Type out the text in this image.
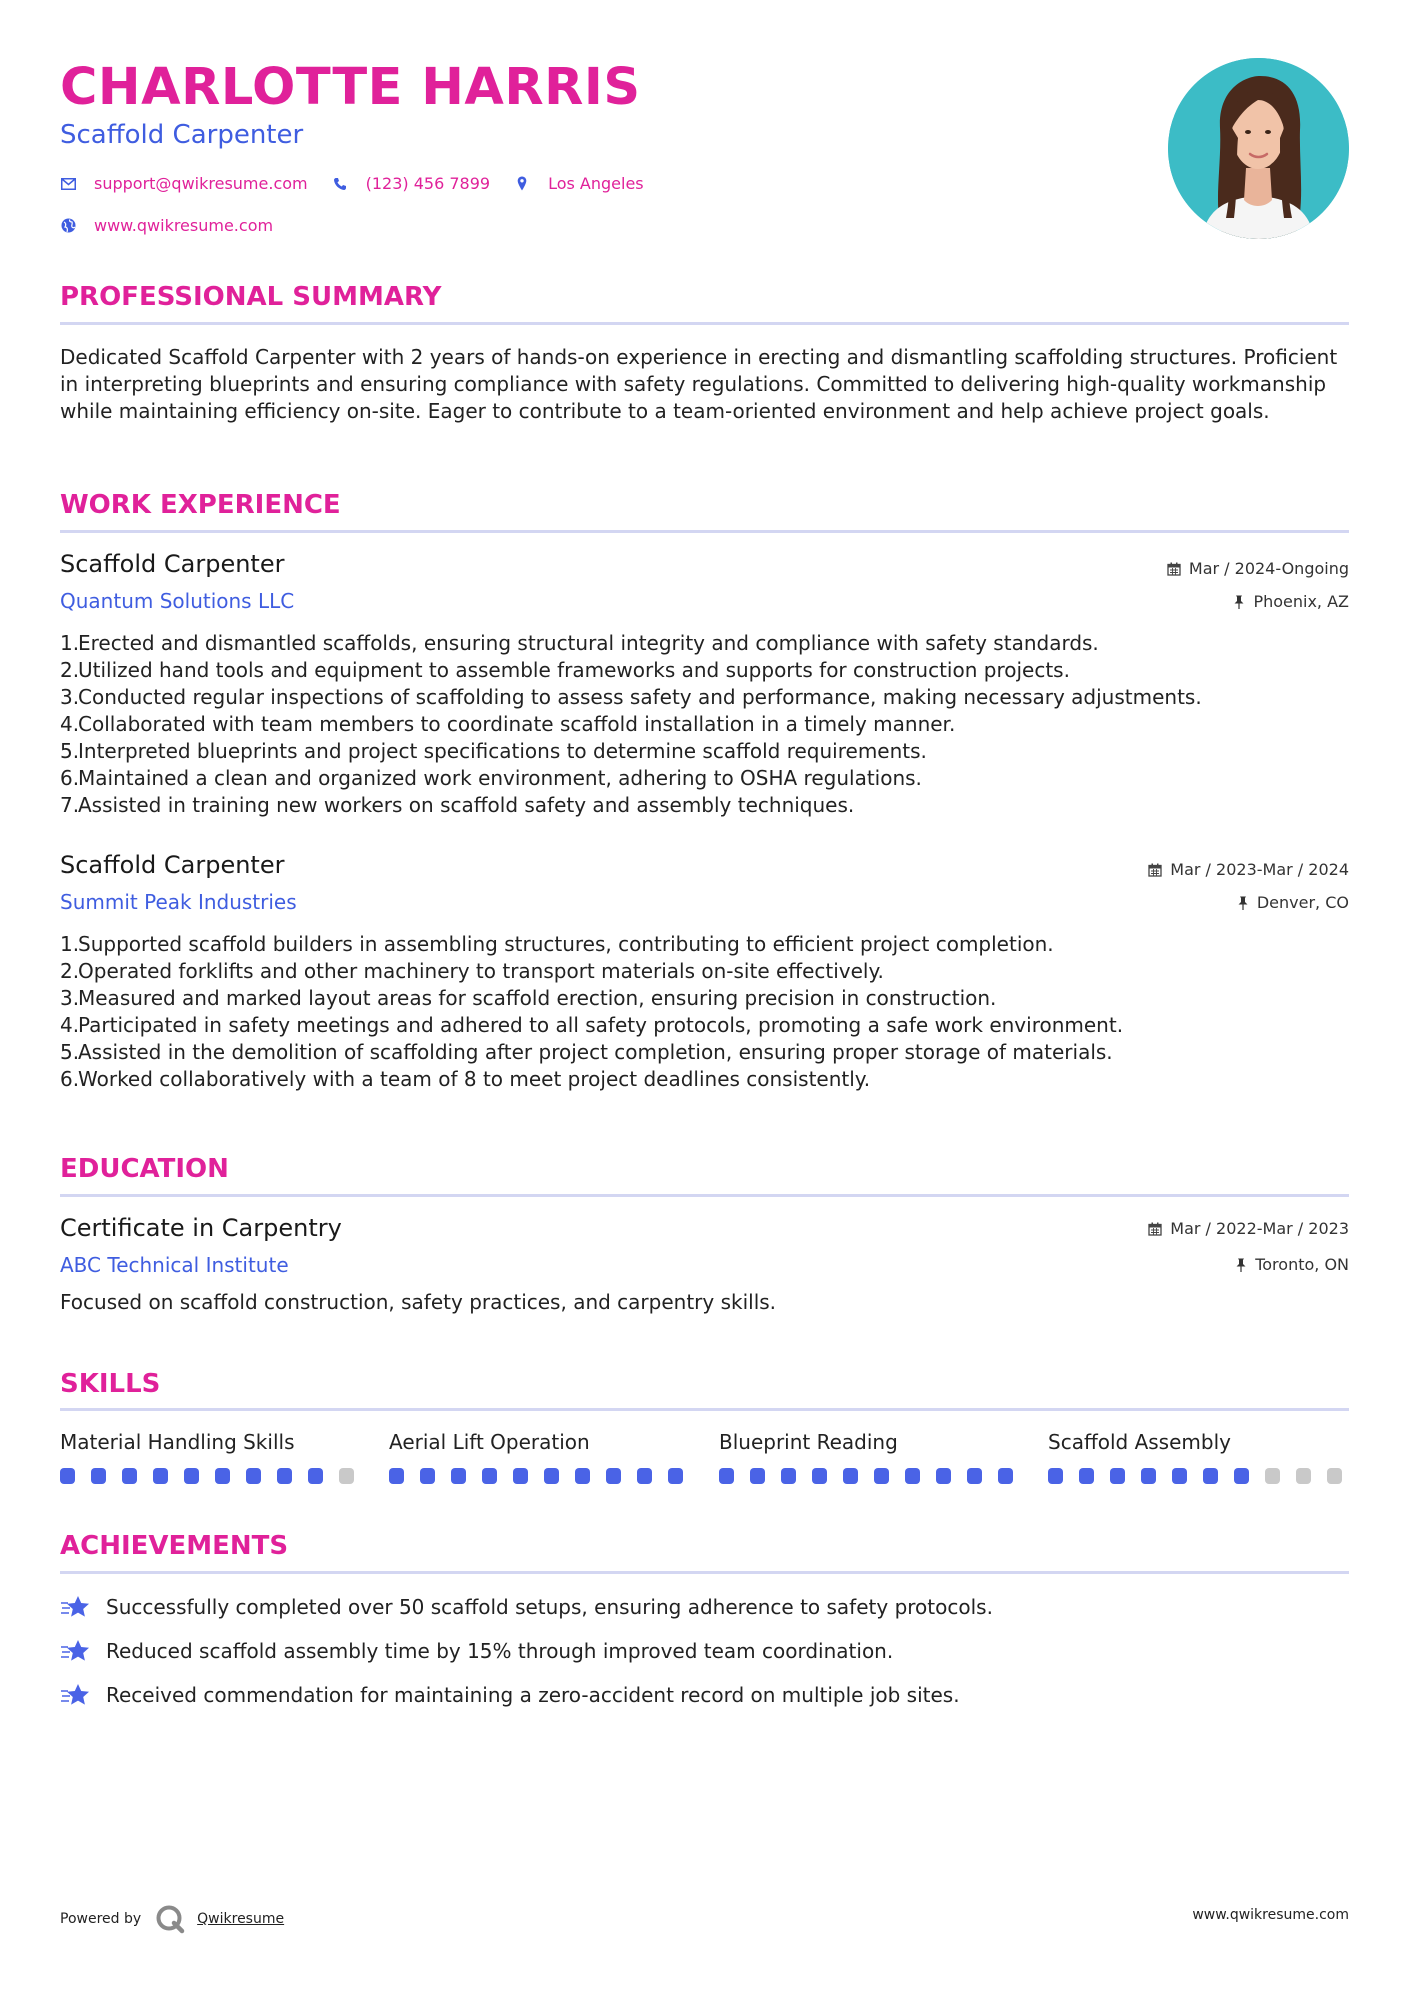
CHARLOTTE HARRIS
Scaffold Carpenter
support@qwikresume.com	(123) 456 7899	Los Angeles
www.qwikresume.com
PROFESSIONAL SUMMARY

Dedicated Scaffold Carpenter with 2 years of hands-on experience in erecting and dismantling scaffolding structures. Proficient in interpreting blueprints and ensuring compliance with safety regulations. Committed to delivering high-quality workmanship while maintaining efficiency on-site. Eager to contribute to a team-oriented environment and help achieve project goals.

WORK EXPERIENCE
Scaffold Carpenter
Quantum Solutions LLC
Mar / 2024-Ongoing
Phoenix, AZ
1.
Erected and dismantled scaffolds, ensuring structural integrity and compliance with safety standards.
2.
Utilized hand tools and equipment to assemble frameworks and supports for construction projects.
3.
Conducted regular inspections of scaffolding to assess safety and performance, making necessary adjustments.
4.
Collaborated with team members to coordinate scaffold installation in a timely manner.
5.
Interpreted blueprints and project specifications to determine scaffold requirements.
6.
Maintained a clean and organized work environment, adhering to OSHA regulations.
7.
Assisted in training new workers on scaffold safety and assembly techniques.
Scaffold Carpenter
Summit Peak Industries
Mar / 2023-Mar / 2024
Denver, CO
1.
Supported scaffold builders in assembling structures, contributing to efficient project completion.
2.
Operated forklifts and other machinery to transport materials on-site effectively.
3.
Measured and marked layout areas for scaffold erection, ensuring precision in construction.
4.
Participated in safety meetings and adhered to all safety protocols, promoting a safe work environment.
5.
Assisted in the demolition of scaffolding after project completion, ensuring proper storage of materials.
6.
Worked collaboratively with a team of 8 to meet project deadlines consistently.
EDUCATION
Certificate in Carpentry
ABC Technical Institute
Mar / 2022-Mar / 2023
Toronto, ON

Focused on scaffold construction, safety practices, and carpentry skills.

SKILLS
Material Handling Skills	Aerial Lift Operation	Blueprint Reading	Scaffold Assembly
ACHIEVEMENTS
Successfully completed over 50 scaffold setups, ensuring adherence to safety protocols.
Reduced scaffold assembly time by 15% through improved team coordination.
Received commendation for maintaining a zero-accident record on multiple job sites.
Powered by	Qwikresume	www.qwikresume.com
